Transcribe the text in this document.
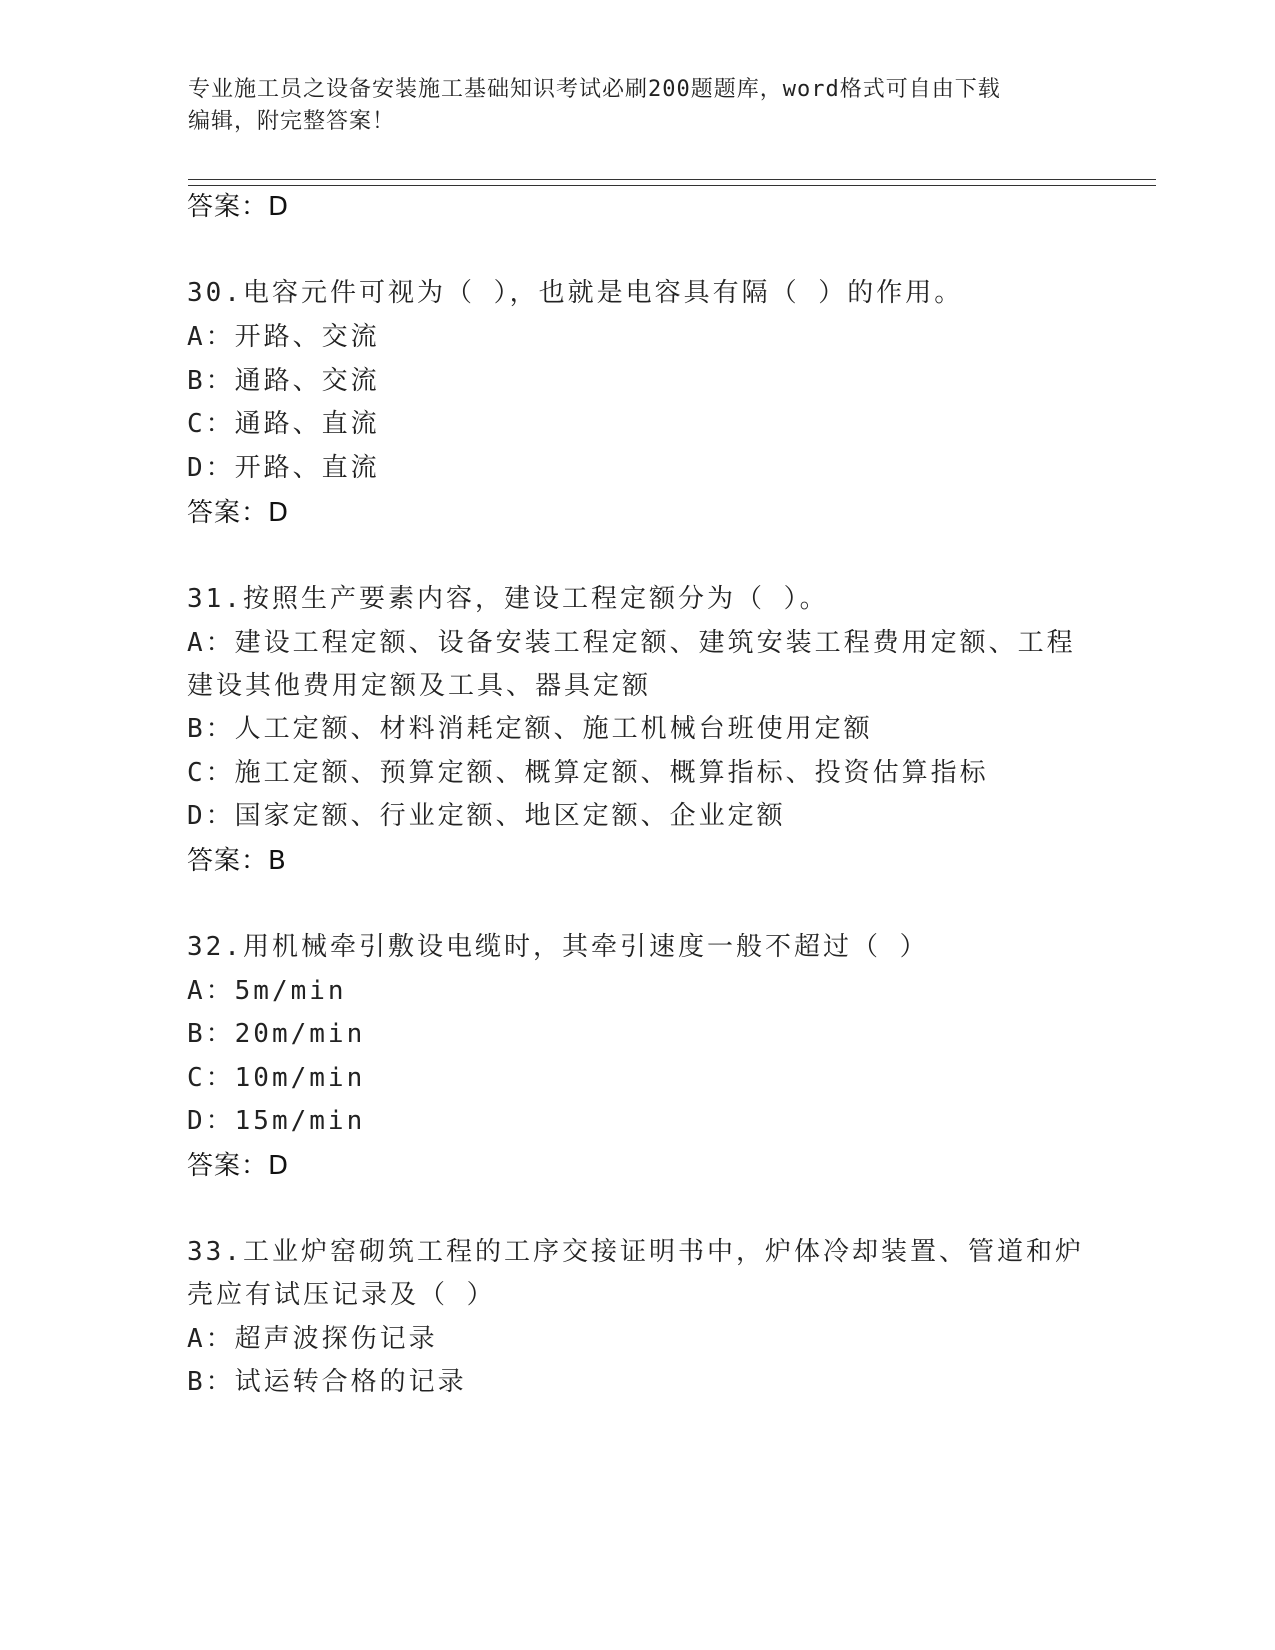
专业施工员之设备安装施工基础知识考试必刷200题题库，word格式可自由下载
编辑，附完整答案！
答案：D
30.电容元件可视为（ ），也就是电容具有隔（ ）的作用。
A：开路、交流
B：通路、交流
C：通路、直流
D：开路、直流
答案：D
31.按照生产要素内容，建设工程定额分为（ ）。
A：建设工程定额、设备安装工程定额、建筑安装工程费用定额、工程
建设其他费用定额及工具、器具定额
B：人工定额、材料消耗定额、施工机械台班使用定额
C：施工定额、预算定额、概算定额、概算指标、投资估算指标
D：国家定额、行业定额、地区定额、企业定额
答案：B
32.用机械牵引敷设电缆时，其牵引速度一般不超过（ ）
A：5m/min
B：20m/min
C：10m/min
D：15m/min
答案：D
33.工业炉窑砌筑工程的工序交接证明书中，炉体冷却装置、管道和炉
壳应有试压记录及（ ）
A：超声波探伤记录
B：试运转合格的记录
